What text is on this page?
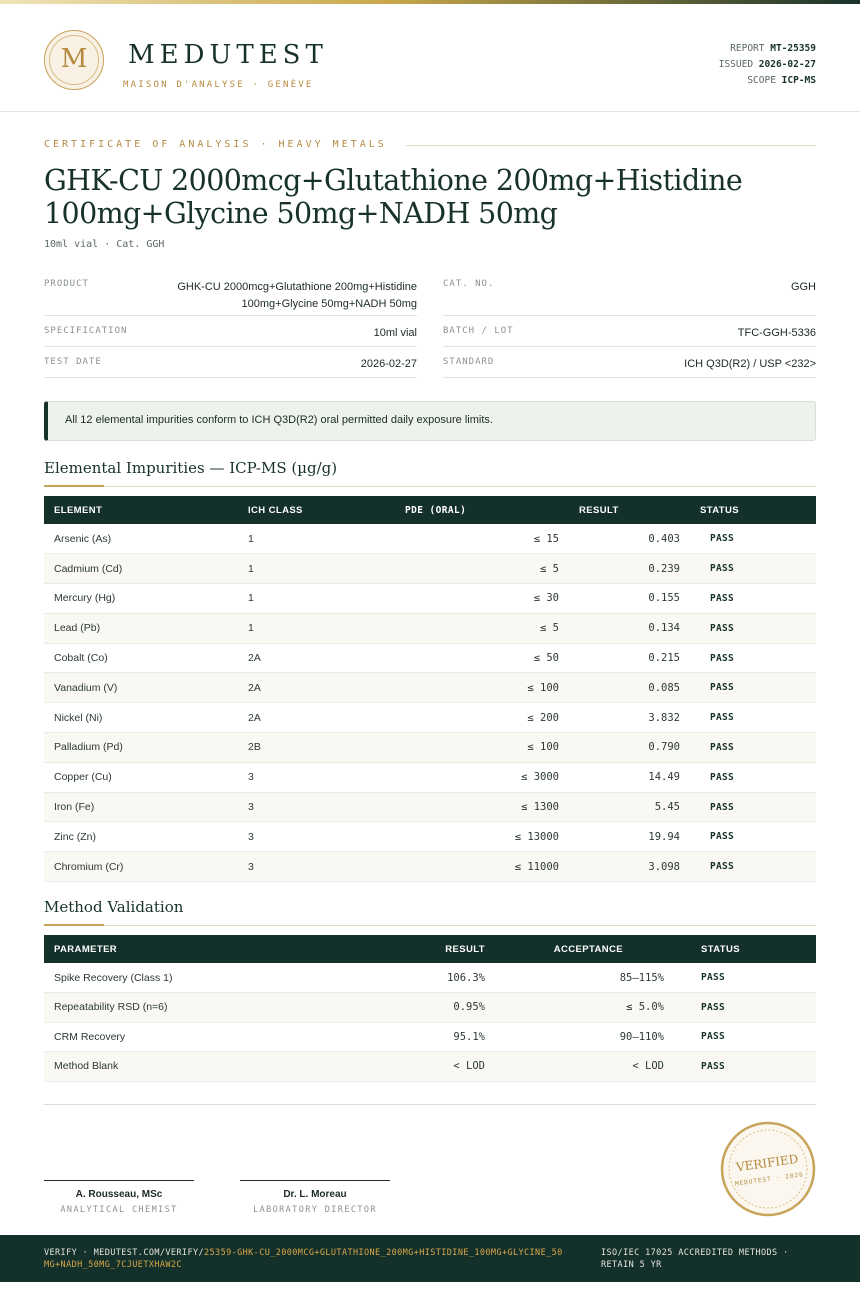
M	MEDUTEST
MAISON D'ANALYSE · GENÈVE
REPORT MT-25359
ISSUED 2026-02-27
SCOPE ICP-MS
CERTIFICATE OF ANALYSIS · HEAVY METALS
GHK-CU 2000mcg+Glutathione 200mg+Histidine 100mg+Glycine 50mg+NADH 50mg
10ml vial · Cat. GGH
PRODUCT	GHK-CU 2000mcg+Glutathione 200mg+Histidine 100mg+Glycine 50mg+NADH 50mg
SPECIFICATION	10ml vial
TEST DATE	2026-02-27
CAT. NO.	GGH
BATCH / LOT	TFC-GGH-5336
STANDARD	ICH Q3D(R2) / USP <232>
All 12 elemental impurities conform to ICH Q3D(R2) oral permitted daily exposure limits.
Elemental Impurities — ICP-MS (µg/g)
ELEMENT	ICH CLASS	PDE (ORAL)	RESULT	STATUS
Arsenic (As)	1	≤ 15	0.403	PASS
Cadmium (Cd)	1	≤ 5	0.239	PASS
Mercury (Hg)	1	≤ 30	0.155	PASS
Lead (Pb)	1	≤ 5	0.134	PASS
Cobalt (Co)	2A	≤ 50	0.215	PASS
Vanadium (V)	2A	≤ 100	0.085	PASS
Nickel (Ni)	2A	≤ 200	3.832	PASS
Palladium (Pd)	2B	≤ 100	0.790	PASS
Copper (Cu)	3	≤ 3000	14.49	PASS
Iron (Fe)	3	≤ 1300	5.45	PASS
Zinc (Zn)	3	≤ 13000	19.94	PASS
Chromium (Cr)	3	≤ 11000	3.098	PASS
Method Validation
PARAMETER	RESULT	ACCEPTANCE	STATUS
Spike Recovery (Class 1)	106.3%	85–115%	PASS
Repeatability RSD (n=6)	0.95%	≤ 5.0%	PASS
CRM Recovery	95.1%	90–110%	PASS
Method Blank	< LOD	< LOD	PASS
A. Rousseau, MSc
ANALYTICAL CHEMIST
Dr. L. Moreau
LABORATORY DIRECTOR
VERIFIED
MEDUTEST · 2026
VERIFY · MEDUTEST.COM/VERIFY/25359-GHK-CU_2000MCG+GLUTATHIONE_200MG+HISTIDINE_100MG+GLYCINE_50MG+NADH_50MG_7CJUETXHAW2C
ISO/IEC 17025 ACCREDITED METHODS · RETAIN 5 YR
